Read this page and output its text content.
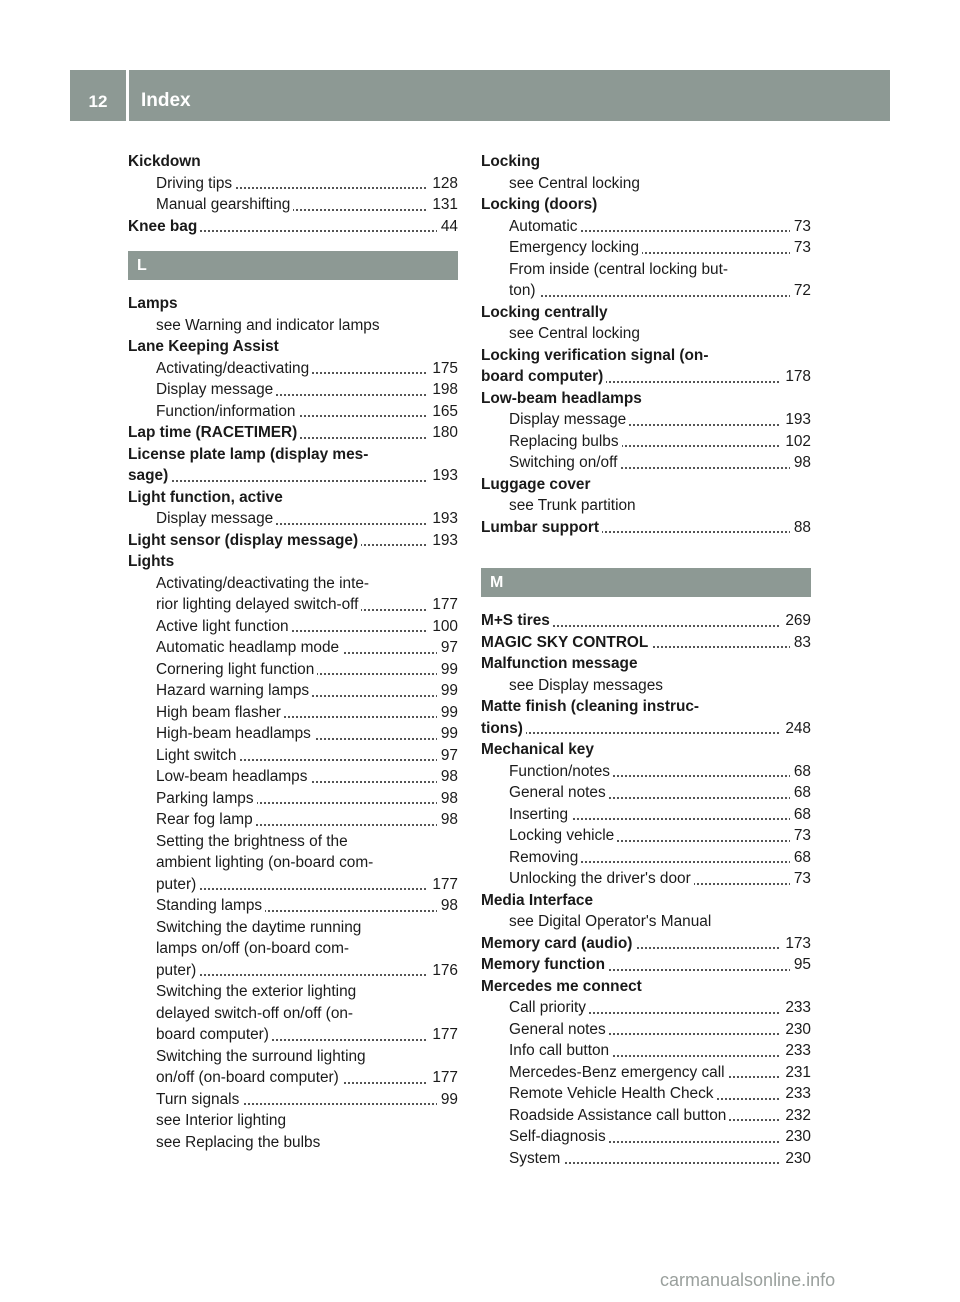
12	Index
Kickdown
Driving tips	128
Manual gearshifting	131
Knee bag	44
L
Lamps
see Warning and indicator lamps
Lane Keeping Assist
Activating/deactivating	175
Display message	198
Function/information	165
Lap time (RACETIMER)	180
License plate lamp (display mes-
sage)	193
Light function, active
Display message	193
Light sensor (display message)	193
Lights
Activating/deactivating the inte-
rior lighting delayed switch-off	177
Active light function	100
Automatic headlamp mode	97
Cornering light function	99
Hazard warning lamps	99
High beam flasher	99
High-beam headlamps	99
Light switch	97
Low-beam headlamps	98
Parking lamps	98
Rear fog lamp	98
Setting the brightness of the
ambient lighting (on-board com-
puter)	177
Standing lamps	98
Switching the daytime running
lamps on/off (on-board com-
puter)	176
Switching the exterior lighting
delayed switch-off on/off (on-
board computer)	177
Switching the surround lighting
on/off (on-board computer)	177
Turn signals	99
see Interior lighting
see Replacing the bulbs
Locking
see Central locking
Locking (doors)
Automatic	73
Emergency locking	73
From inside (central locking but-
ton)	72
Locking centrally
see Central locking
Locking verification signal (on-
board computer)	178
Low-beam headlamps
Display message	193
Replacing bulbs	102
Switching on/off	98
Luggage cover
see Trunk partition
Lumbar support	88
M
M+S tires	269
MAGIC SKY CONTROL	83
Malfunction message
see Display messages
Matte finish (cleaning instruc-
tions)	248
Mechanical key
Function/notes	68
General notes	68
Inserting	68
Locking vehicle	73
Removing	68
Unlocking the driver's door	73
Media Interface
see Digital Operator's Manual
Memory card (audio)	173
Memory function	95
Mercedes me connect
Call priority	233
General notes	230
Info call button	233
Mercedes-Benz emergency call	231
Remote Vehicle Health Check	233
Roadside Assistance call button	232
Self-diagnosis	230
System	230
carmanualsonline.info
